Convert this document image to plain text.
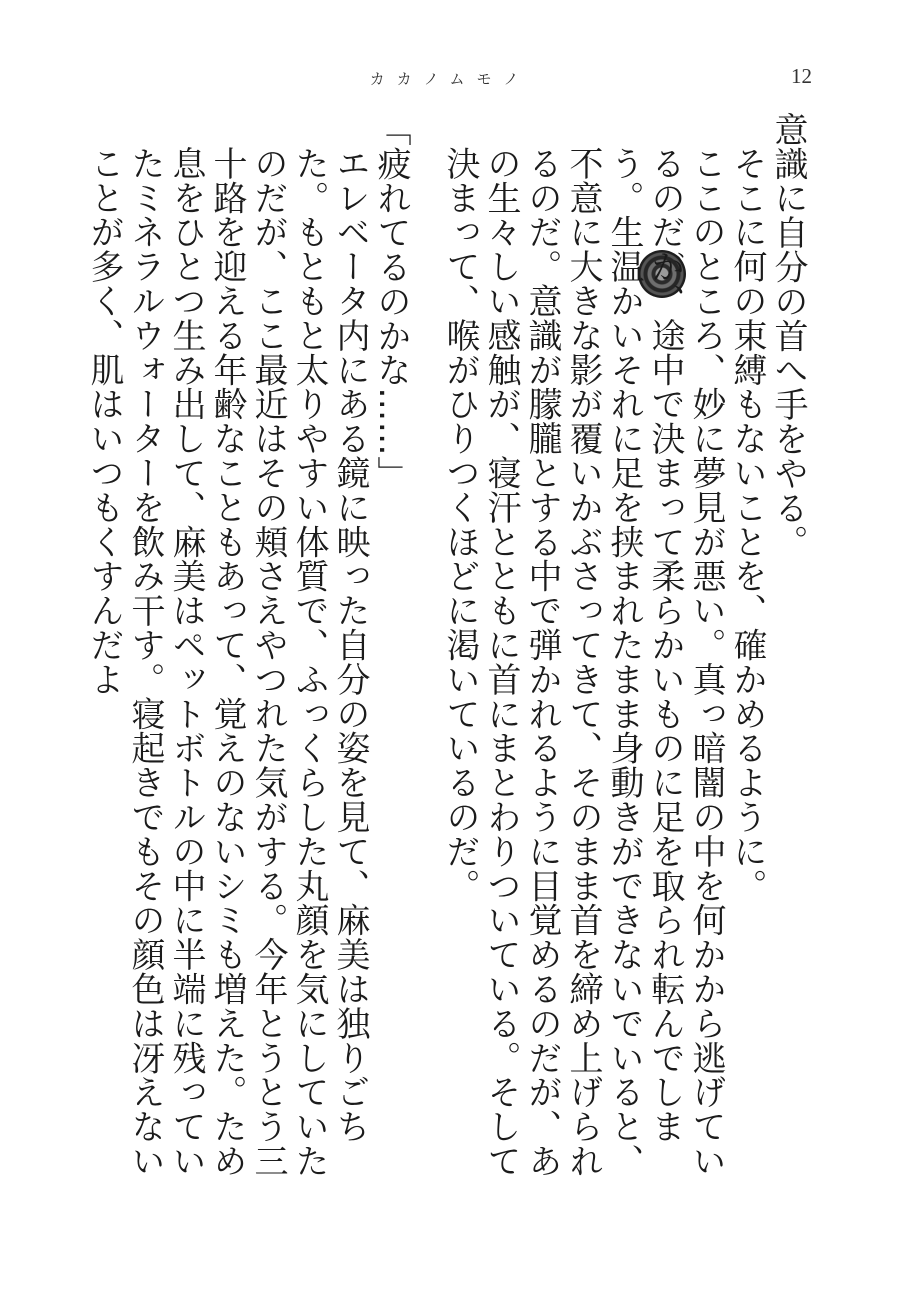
カカノムモノ	12

意識に自分の首へ手をやる。

そこに何の束縛もないことを、確かめるように。

ここのところ、妙に夢見が悪い。真っ暗闇の中を何かから逃げているのだが、途中で決まって柔らかいものに足を取られ転んでしまう。生温かいそれに足を挟まれたまま身動きができないでいると、不意に大きな影が覆いかぶさってきて、そのまま首を締め上げられるのだ。意識が朦朧とする中で弾かれるように目覚めるのだが、あの生々しい感触が、寝汗とともに首にまとわりついている。そして決まって、喉がひりつくほどに渇いているのだ。

「疲れてるのかな……」

エレベータ内にある鏡に映った自分の姿を見て、麻美は独りごちた。もともと太りやすい体質で、ふっくらした丸顔を気にしていたのだが、ここ最近はその頬さえやつれた気がする。今年とうとう三十路を迎える年齢なこともあって、覚えのないシミも増えた。ため息をひとつ生み出して、麻美はペットボトルの中に半端に残っていたミネラルウォーターを飲み干す。寝起きでもその顔色は冴えないことが多く、肌はいつもくすんだよ
